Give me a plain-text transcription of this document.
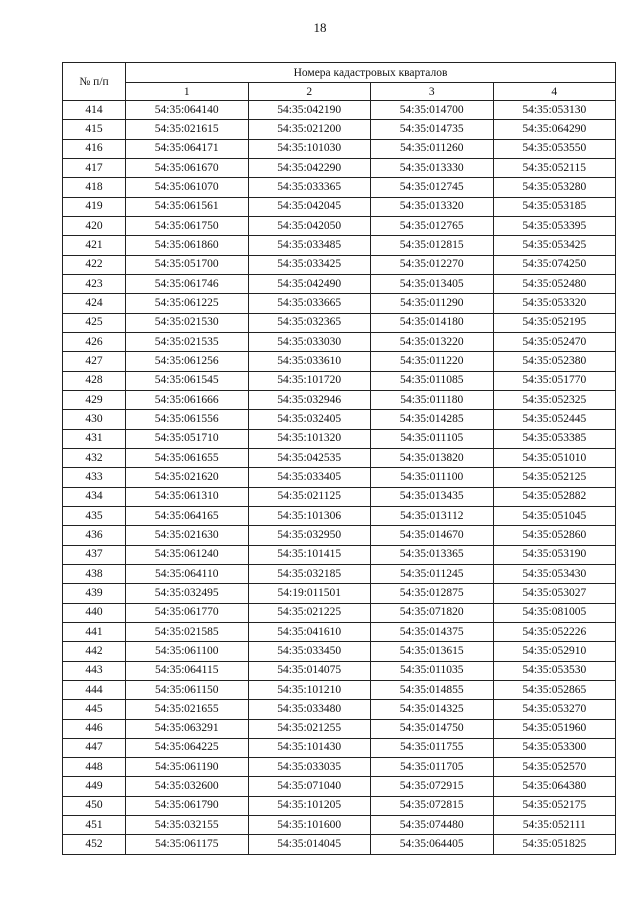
18
№ п/п	Номера кадастровых кварталов			
	1	2	3	4
414	54:35:064140	54:35:042190	54:35:014700	54:35:053130
415	54:35:021615	54:35:021200	54:35:014735	54:35:064290
416	54:35:064171	54:35:101030	54:35:011260	54:35:053550
417	54:35:061670	54:35:042290	54:35:013330	54:35:052115
418	54:35:061070	54:35:033365	54:35:012745	54:35:053280
419	54:35:061561	54:35:042045	54:35:013320	54:35:053185
420	54:35:061750	54:35:042050	54:35:012765	54:35:053395
421	54:35:061860	54:35:033485	54:35:012815	54:35:053425
422	54:35:051700	54:35:033425	54:35:012270	54:35:074250
423	54:35:061746	54:35:042490	54:35:013405	54:35:052480
424	54:35:061225	54:35:033665	54:35:011290	54:35:053320
425	54:35:021530	54:35:032365	54:35:014180	54:35:052195
426	54:35:021535	54:35:033030	54:35:013220	54:35:052470
427	54:35:061256	54:35:033610	54:35:011220	54:35:052380
428	54:35:061545	54:35:101720	54:35:011085	54:35:051770
429	54:35:061666	54:35:032946	54:35:011180	54:35:052325
430	54:35:061556	54:35:032405	54:35:014285	54:35:052445
431	54:35:051710	54:35:101320	54:35:011105	54:35:053385
432	54:35:061655	54:35:042535	54:35:013820	54:35:051010
433	54:35:021620	54:35:033405	54:35:011100	54:35:052125
434	54:35:061310	54:35:021125	54:35:013435	54:35:052882
435	54:35:064165	54:35:101306	54:35:013112	54:35:051045
436	54:35:021630	54:35:032950	54:35:014670	54:35:052860
437	54:35:061240	54:35:101415	54:35:013365	54:35:053190
438	54:35:064110	54:35:032185	54:35:011245	54:35:053430
439	54:35:032495	54:19:011501	54:35:012875	54:35:053027
440	54:35:061770	54:35:021225	54:35:071820	54:35:081005
441	54:35:021585	54:35:041610	54:35:014375	54:35:052226
442	54:35:061100	54:35:033450	54:35:013615	54:35:052910
443	54:35:064115	54:35:014075	54:35:011035	54:35:053530
444	54:35:061150	54:35:101210	54:35:014855	54:35:052865
445	54:35:021655	54:35:033480	54:35:014325	54:35:053270
446	54:35:063291	54:35:021255	54:35:014750	54:35:051960
447	54:35:064225	54:35:101430	54:35:011755	54:35:053300
448	54:35:061190	54:35:033035	54:35:011705	54:35:052570
449	54:35:032600	54:35:071040	54:35:072915	54:35:064380
450	54:35:061790	54:35:101205	54:35:072815	54:35:052175
451	54:35:032155	54:35:101600	54:35:074480	54:35:052111
452	54:35:061175	54:35:014045	54:35:064405	54:35:051825
